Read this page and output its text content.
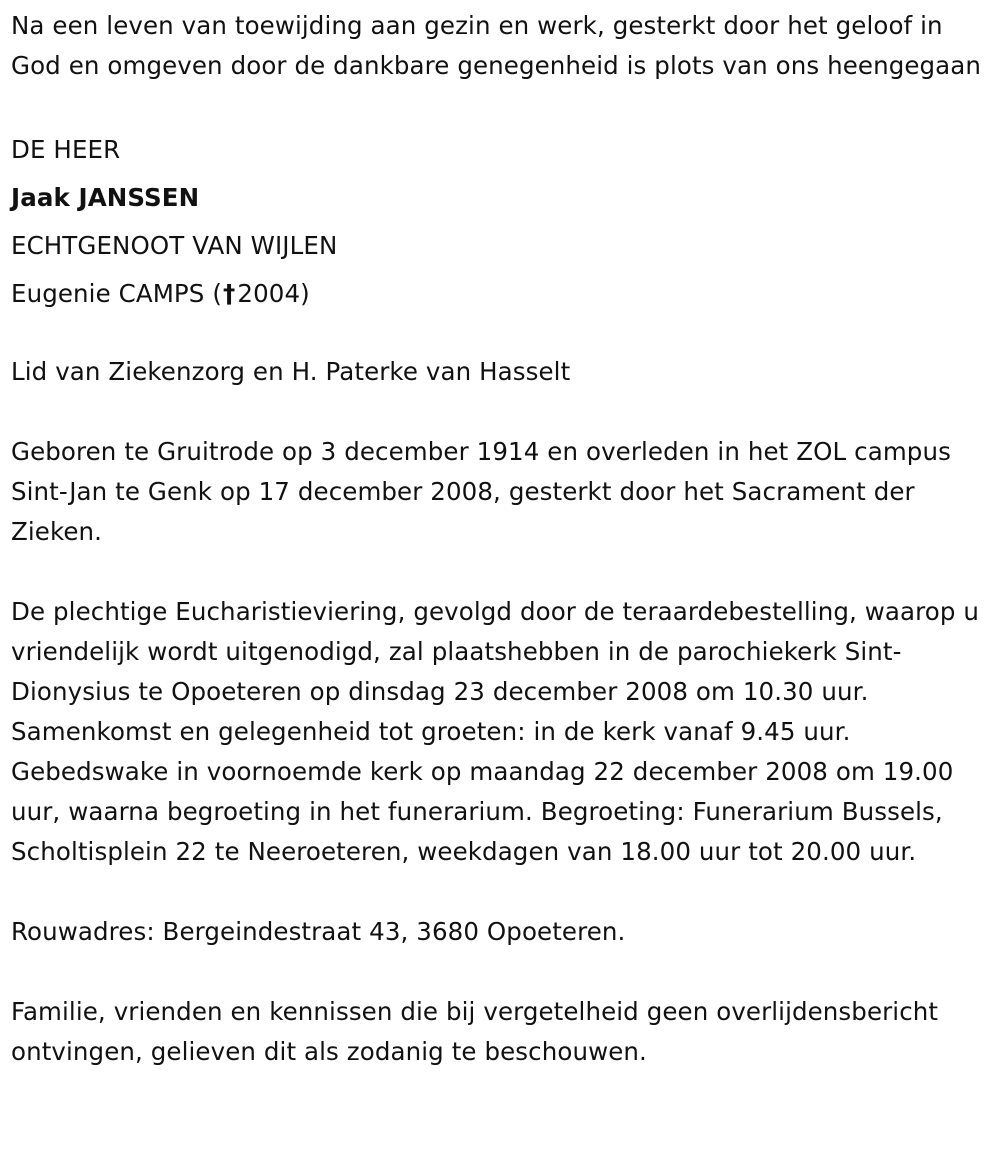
Na een leven van toewijding aan gezin en werk, gesterkt door het geloof in God en omgeven door de dankbare genegenheid is plots van ons heengegaan

DE HEER

Jaak JANSSEN

ECHTGENOOT VAN WIJLEN

Eugenie CAMPS (†2004)

Lid van Ziekenzorg en H. Paterke van Hasselt

Geboren te Gruitrode op 3 december 1914 en overleden in het ZOL campus Sint-Jan te Genk op 17 december 2008, gesterkt door het Sacrament der Zieken.

De plechtige Eucharistieviering, gevolgd door de teraardebestelling, waarop u vriendelijk wordt uitgenodigd, zal plaatshebben in de parochiekerk Sint-Dionysius te Opoeteren op dinsdag 23 december 2008 om 10.30 uur. Samenkomst en gelegenheid tot groeten: in de kerk vanaf 9.45 uur. Gebedswake in voornoemde kerk op maandag 22 december 2008 om 19.00 uur, waarna begroeting in het funerarium. Begroeting: Funerarium Bussels, Scholtisplein 22 te Neeroeteren, weekdagen van 18.00 uur tot 20.00 uur.

Rouwadres: Bergeindestraat 43, 3680 Opoeteren.

Familie, vrienden en kennissen die bij vergetelheid geen overlijdensbericht ontvingen, gelieven dit als zodanig te beschouwen.
